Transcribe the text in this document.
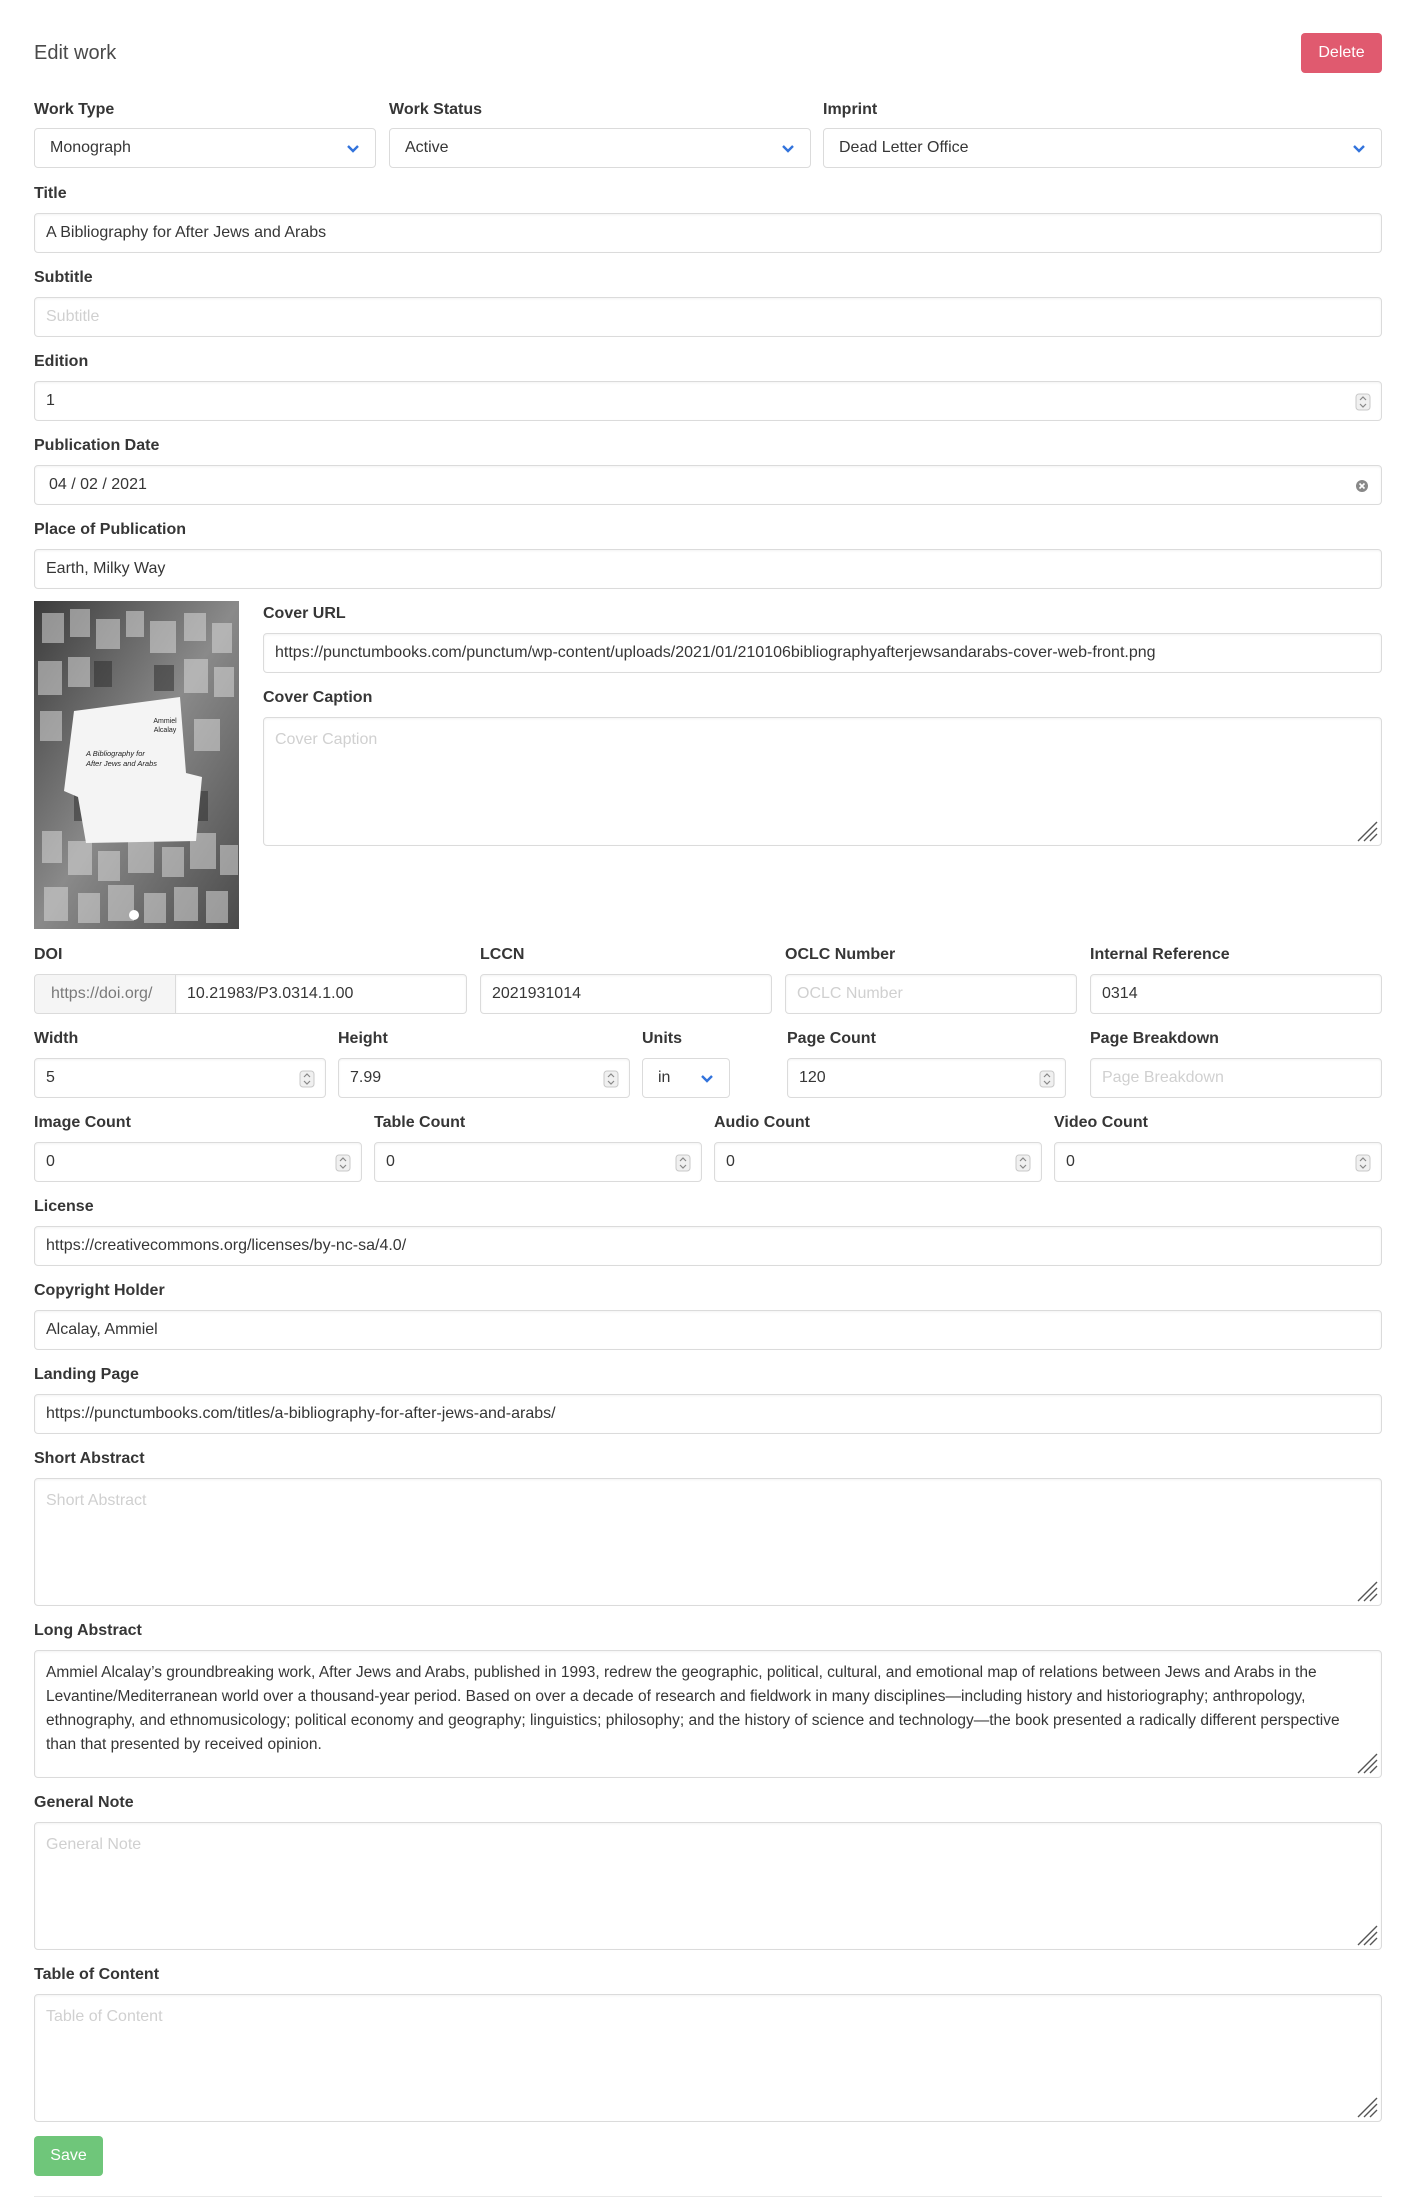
Edit work	Delete
Work Type
Monograph
Work Status
Active
Imprint
Dead Letter Office
Title
A Bibliography for After Jews and Arabs
Subtitle
Subtitle
Edition
1
Publication Date
04 / 02 / 2021
Place of Publication
Earth, Milky Way
Ammiel
Alcalay
A Bibliography for
After Jews and Arabs
Cover URL
https://punctumbooks.com/punctum/wp-content/uploads/2021/01/210106bibliographyafterjewsandarabs-cover-web-front.png
Cover Caption
Cover Caption
DOI
https://doi.org/	10.21983/P3.0314.1.00
LCCN
2021931014
OCLC Number
OCLC Number
Internal Reference
0314
Width
5
Height
7.99
Units
in
Page Count
120
Page Breakdown
Page Breakdown
Image Count
0
Table Count
0
Audio Count
0
Video Count
0
License
https://creativecommons.org/licenses/by-nc-sa/4.0/
Copyright Holder
Alcalay, Ammiel
Landing Page
https://punctumbooks.com/titles/a-bibliography-for-after-jews-and-arabs/
Short Abstract
Short Abstract
Long Abstract
Ammiel Alcalay’s groundbreaking work, After Jews and Arabs, published in 1993, redrew the geographic, political, cultural, and emotional map of relations between Jews and Arabs in the Levantine/Mediterranean world over a thousand-year period. Based on over a decade of research and fieldwork in many disciplines—including history and historiography; anthropology, ethnography, and ethnomusicology; political economy and geography; linguistics; philosophy; and the history of science and technology—the book presented a radically different perspective than that presented by received opinion.
General Note
General Note
Table of Content
Table of Content
Save
